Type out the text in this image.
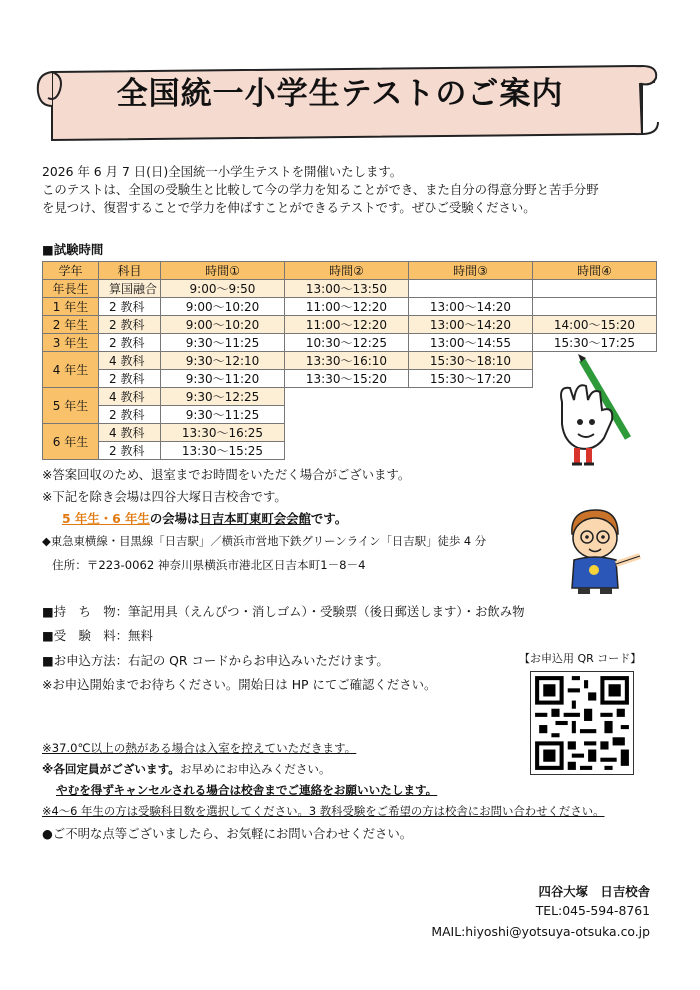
全国統一小学生テストのご案内
2026 年 6 月 7 日(日)全国統一小学生テストを開催いたします。
このテストは、全国の受験生と比較して今の学力を知ることができ、また自分の得意分野と苦手分野
を見つけ、復習することで学力を伸ばすことができるテストです。ぜひご受験ください。
■試験時間
学年	科目	時間①	時間②	時間③	時間④
年長生	算国融合	9:00～9:50	13:00～13:50		
1 年生	2 教科	9:00～10:20	11:00～12:20	13:00～14:20	
2 年生	2 教科	9:00～10:20	11:00～12:20	13:00～14:20	14:00～15:20
3 年生	2 教科	9:30～11:25	10:30～12:25	13:00～14:55	15:30～17:25
4 年生	4 教科	9:30～12:10	13:30～16:10	15:30～18:10	
	2 教科	9:30～11:20	13:30～15:20	15:30～17:20	
5 年生	4 教科	9:30～12:25			
	2 教科	9:30～11:25			
6 年生	4 教科	13:30～16:25			
	2 教科	13:30～15:25			
※答案回収のため、退室までお時間をいただく場合がございます。
※下記を除き会場は四谷大塚日吉校舎です。
5 年生・6 年生の会場は日吉本町東町会会館です。
◆東急東横線・目黒線「日吉駅」／横浜市営地下鉄グリーンライン「日吉駅」徒歩 4 分
住所：〒223-0062 神奈川県横浜市港北区日吉本町1－8－4
■持　ち　物：筆記用具（えんぴつ・消しゴム）・受験票（後日郵送します）・お飲み物
■受　験　料：無料
■お申込方法：右記の QR コードからお申込みいただけます。
※お申込開始までお待ちください。開始日は HP にてご確認ください。
【お申込用 QR コード】
※37.0℃以上の熱がある場合は入室を控えていただきます。
※各回定員がございます。お早めにお申込みください。
やむを得ずキャンセルされる場合は校舎までご連絡をお願いいたします。
※4～6 年生の方は受験科目数を選択してください。3 教科受験をご希望の方は校舎にお問い合わせください。
●ご不明な点等ございましたら、お気軽にお問い合わせください。
四谷大塚　日吉校舎
TEL:045-594-8761
MAIL:hiyoshi@yotsuya-otsuka.co.jp
